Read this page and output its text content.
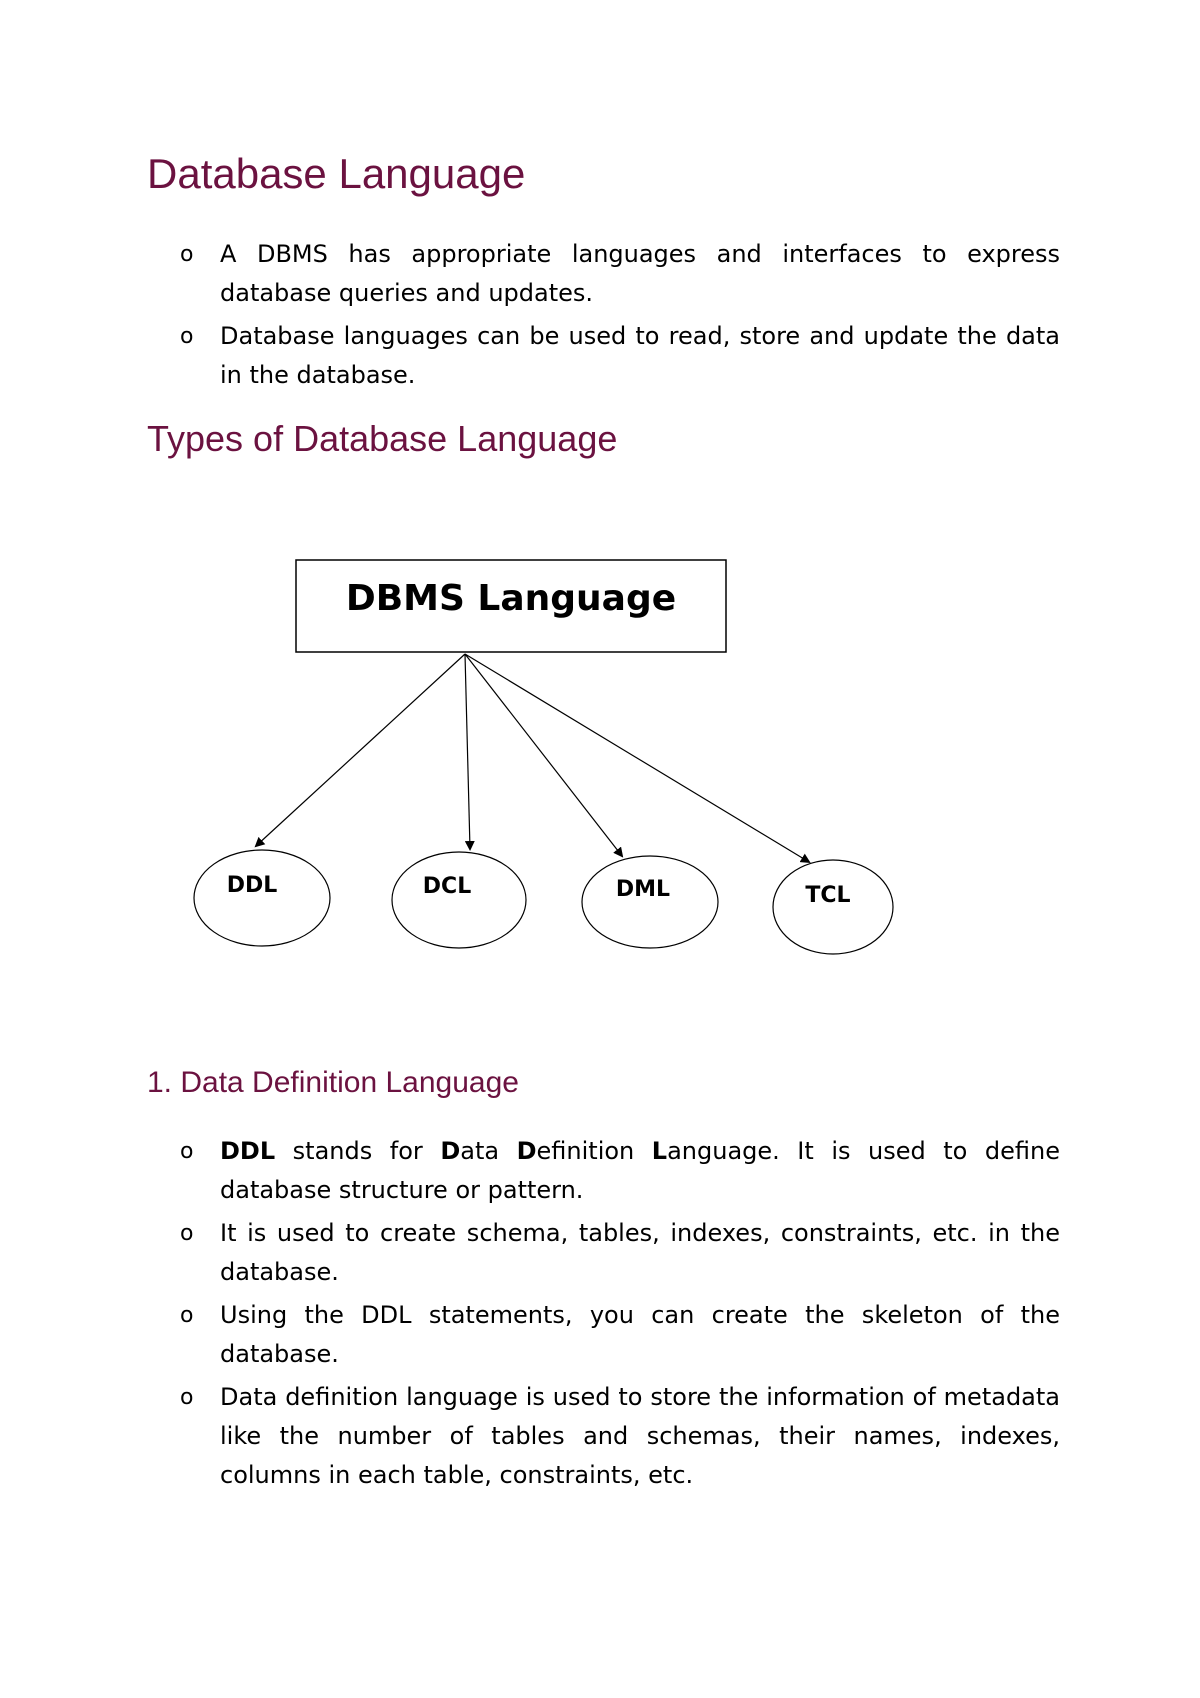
Database Language
o A DBMS has appropriate languages and interfaces to express database queries and updates.
o Database languages can be used to read, store and update the data in the database.
Types of Database Language
DBMS Language
DDL	DCL	DML	TCL
1. Data Definition Language
o DDL stands for Data Definition Language. It is used to define database structure or pattern.
o It is used to create schema, tables, indexes, constraints, etc. in the database.
o Using the DDL statements, you can create the skeleton of the database.
o Data definition language is used to store the information of metadata like the number of tables and schemas, their names, indexes, columns in each table, constraints, etc.
